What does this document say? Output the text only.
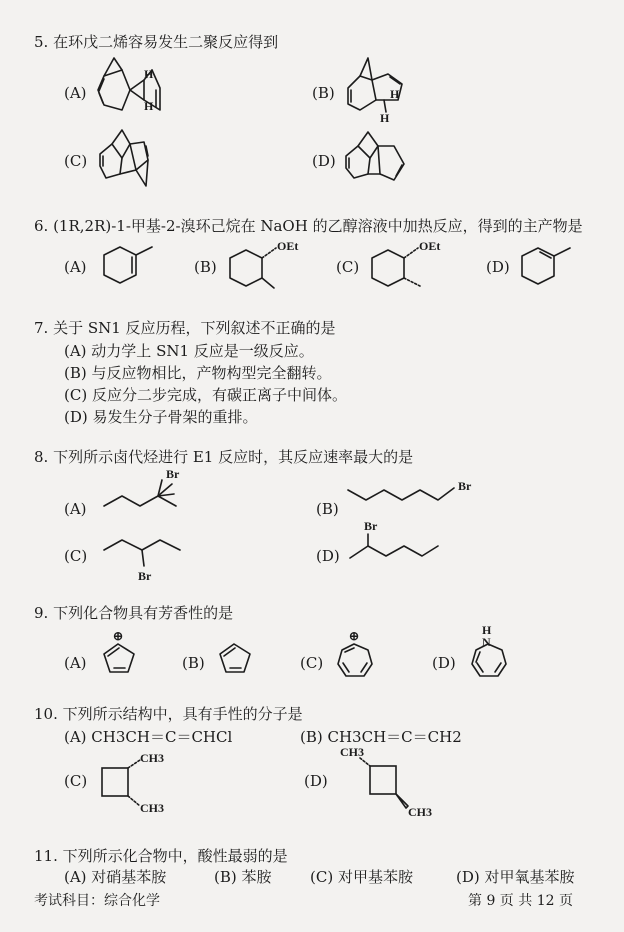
5. 在环戊二烯容易发生二聚反应得到
(A)
H
H
(B)	H
H
(C)	(D)
6. (1R,2R)-1-甲基-2-溴环己烷在 NaOH 的乙醇溶液中加热反应，得到的主产物是
(A)	(B)
OEt
(C)
OEt
(D)
7. 关于 SN1 反应历程，下列叙述不正确的是
(A) 动力学上 SN1 反应是一级反应。
(B) 与反应物相比，产物构型完全翻转。
(C) 反应分二步完成，有碳正离子中间体。
(D) 易发生分子骨架的重排。
8. 下列所示卤代烃进行 E1 反应时，其反应速率最大的是
(A)
Br
(B)
Br
(C)
Br
(D)
Br
9. 下列化合物具有芳香性的是
(A)
⊕
(B)	(C)
⊕
(D)
H
N
10. 下列所示结构中，具有手性的分子是
(A) CH3CH＝C＝CHCl	(B) CH3CH＝C＝CH2
(C)
CH3
CH3
(D)
CH3
CH3
11. 下列所示化合物中，酸性最弱的是
(A) 对硝基苯胺	(B) 苯胺	(C) 对甲基苯胺	(D) 对甲氧基苯胺
考试科目：综合化学	第 9 页 共 12 页
